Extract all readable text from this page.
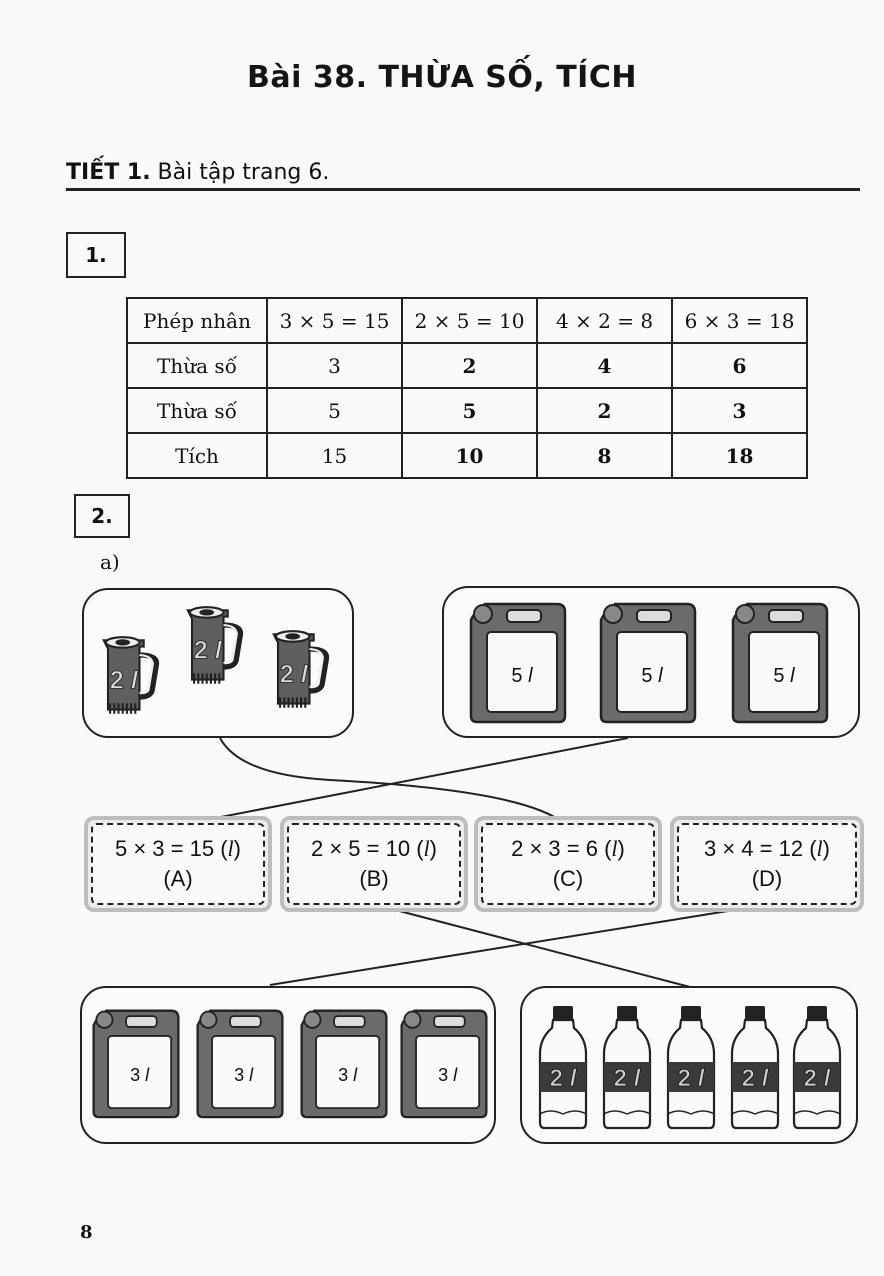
Bài 38. THỪA SỐ, TÍCH
TIẾT 1. Bài tập trang 6.
1.
Phép nhân	3 × 5 = 15	2 × 5 = 10	4 × 2 = 8	6 × 3 = 18
Thừa số	3	2	4	6
Thừa số	5	5	2	3
Tích	15	10	8	18
2.
a)
5 l	5 l	5 l
5 × 3 = 15 (l)
(A)
2 × 5 = 10 (l)
(B)
2 × 3 = 6 (l)
(C)
3 × 4 = 12 (l)
(D)
3 l	3 l	3 l	3 l
8
